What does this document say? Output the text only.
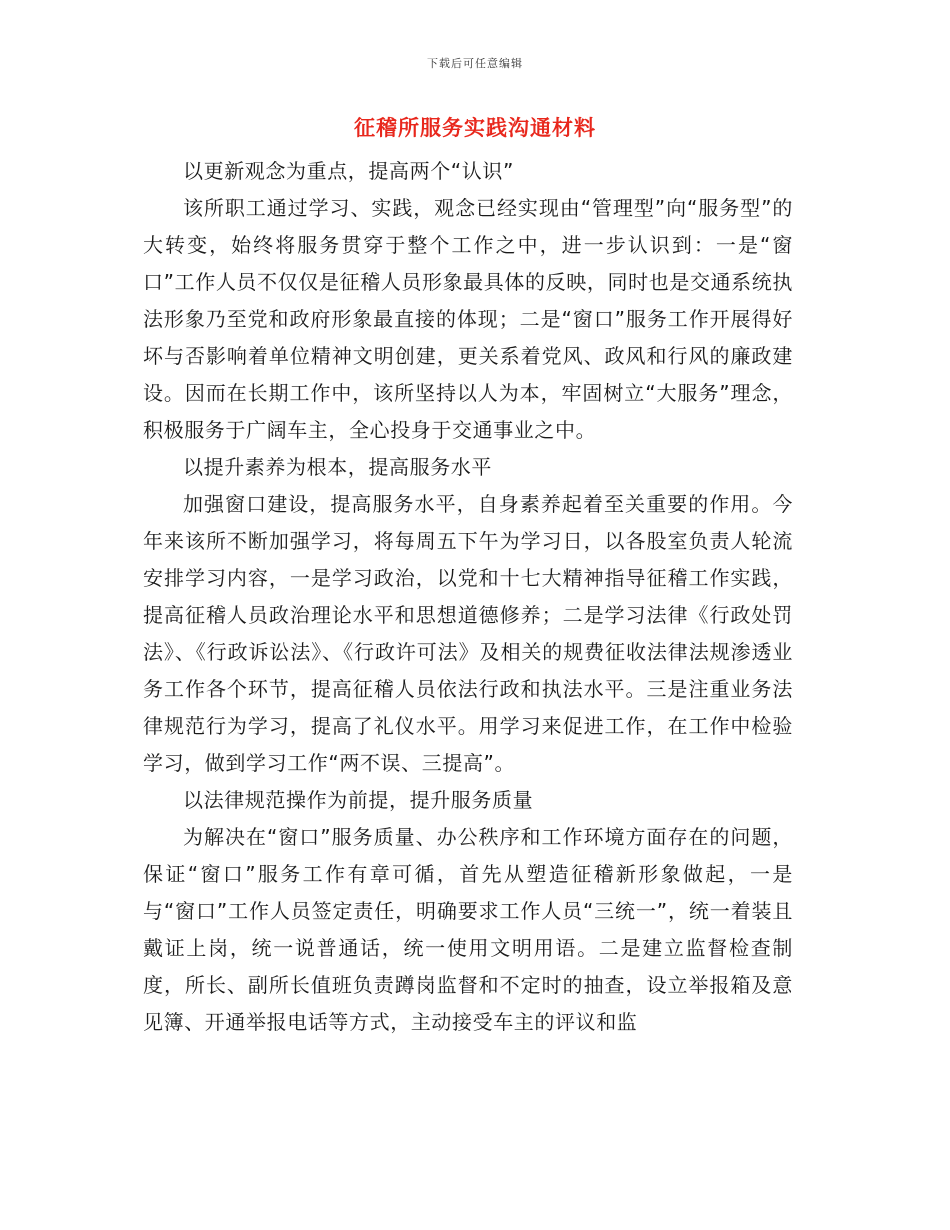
下载后可任意编辑
征稽所服务实践沟通材料

以更新观念为重点，提高两个“认识”

该所职工通过学习、实践，观念已经实现由“管理型”向“服务型”的大转变，始终将服务贯穿于整个工作之中，进一步认识到：一是“窗口”工作人员不仅仅是征稽人员形象最具体的反映，同时也是交通系统执法形象乃至党和政府形象最直接的体现；二是“窗口”服务工作开展得好坏与否影响着单位精神文明创建，更关系着党风、政风和行风的廉政建设。因而在长期工作中，该所坚持以人为本，牢固树立“大服务”理念，积极服务于广阔车主，全心投身于交通事业之中。

以提升素养为根本，提高服务水平

加强窗口建设，提高服务水平，自身素养起着至关重要的作用。今年来该所不断加强学习，将每周五下午为学习日，以各股室负责人轮流安排学习内容，一是学习政治，以党和十七大精神指导征稽工作实践，提高征稽人员政治理论水平和思想道德修养；二是学习法律《行政处罚法》、《行政诉讼法》、《行政许可法》及相关的规费征收法律法规渗透业务工作各个环节，提高征稽人员依法行政和执法水平。三是注重业务法律规范行为学习，提高了礼仪水平。用学习来促进工作，在工作中检验学习，做到学习工作“两不误、三提高”。

以法律规范操作为前提，提升服务质量

为解决在“窗口”服务质量、办公秩序和工作环境方面存在的问题，保证“窗口”服务工作有章可循，首先从塑造征稽新形象做起，一是与“窗口”工作人员签定责任，明确要求工作人员“三统一”，统一着装且戴证上岗，统一说普通话，统一使用文明用语。二是建立监督检查制度，所长、副所长值班负责蹲岗监督和不定时的抽查，设立举报箱及意见簿、开通举报电话等方式，主动接受车主的评议和监
